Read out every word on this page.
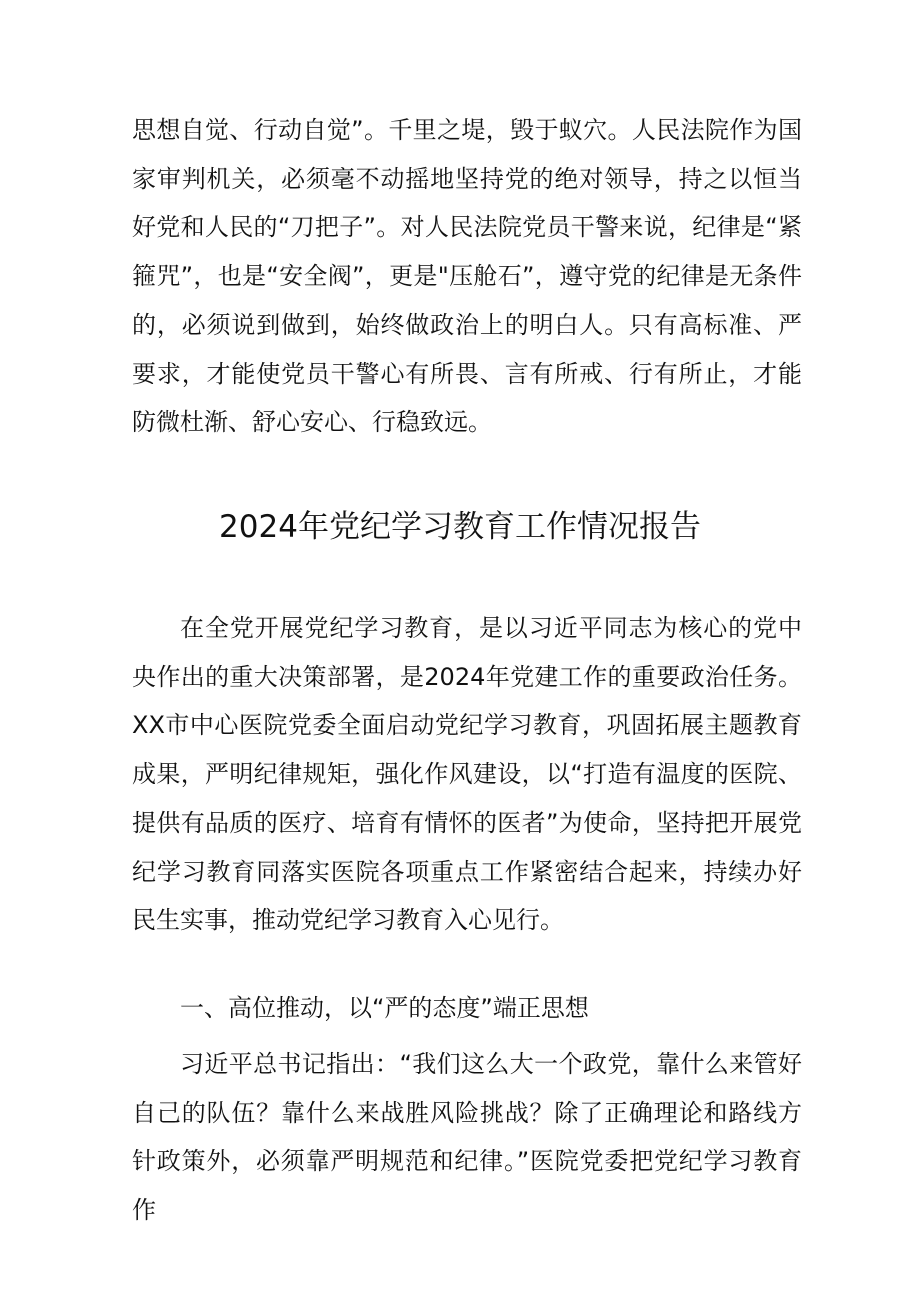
思想自觉、行动自觉”。千里之堤，毁于蚁穴。人民法院作为国家审判机关，必须毫不动摇地坚持党的绝对领导，持之以恒当好党和人民的“刀把子”。对人民法院党员干警来说，纪律是“紧箍咒”，也是“安全阀”，更是"压舱石”，遵守党的纪律是无条件的，必须说到做到，始终做政治上的明白人。只有高标准、严要求，才能使党员干警心有所畏、言有所戒、行有所止，才能防微杜渐、舒心安心、行稳致远。

2024年党纪学习教育工作情况报告

在全党开展党纪学习教育，是以习近平同志为核心的党中央作出的重大决策部署，是2024年党建工作的重要政治任务。XX市中心医院党委全面启动党纪学习教育，巩固拓展主题教育成果，严明纪律规矩，强化作风建设，以“打造有温度的医院、提供有品质的医疗、培育有情怀的医者”为使命，坚持把开展党纪学习教育同落实医院各项重点工作紧密结合起来，持续办好民生实事，推动党纪学习教育入心见行。

一、高位推动，以“严的态度”端正思想

习近平总书记指出：“我们这么大一个政党，靠什么来管好自己的队伍？靠什么来战胜风险挑战？除了正确理论和路线方针政策外，必须靠严明规范和纪律。”医院党委把党纪学习教育作
